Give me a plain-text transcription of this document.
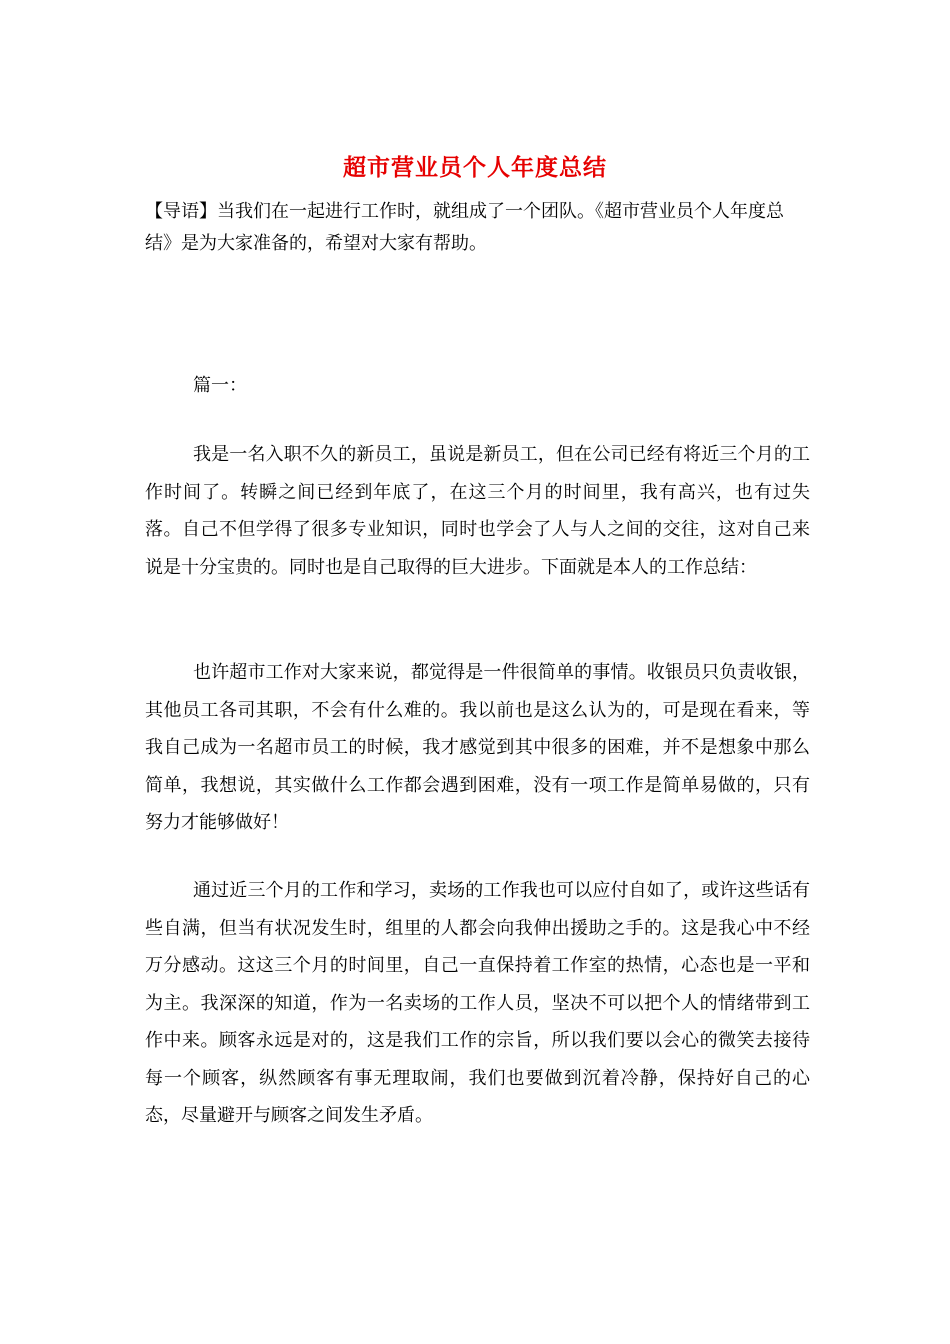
超市营业员个人年度总结

【导语】当我们在一起进行工作时，就组成了一个团队。《超市营业员个人年度总结》是为大家准备的，希望对大家有帮助。

篇一：

我是一名入职不久的新员工，虽说是新员工，但在公司已经有将近三个月的工作时间了。转瞬之间已经到年底了，在这三个月的时间里，我有高兴，也有过失落。自己不但学得了很多专业知识，同时也学会了人与人之间的交往，这对自己来说是十分宝贵的。同时也是自己取得的巨大进步。下面就是本人的工作总结：

也许超市工作对大家来说，都觉得是一件很简单的事情。收银员只负责收银，其他员工各司其职，不会有什么难的。我以前也是这么认为的，可是现在看来，等我自己成为一名超市员工的时候，我才感觉到其中很多的困难，并不是想象中那么简单，我想说，其实做什么工作都会遇到困难，没有一项工作是简单易做的，只有努力才能够做好！

通过近三个月的工作和学习，卖场的工作我也可以应付自如了，或许这些话有些自满，但当有状况发生时，组里的人都会向我伸出援助之手的。这是我心中不经万分感动。这这三个月的时间里，自己一直保持着工作室的热情，心态也是一平和为主。我深深的知道，作为一名卖场的工作人员，坚决不可以把个人的情绪带到工作中来。顾客永远是对的，这是我们工作的宗旨，所以我们要以会心的微笑去接待每一个顾客，纵然顾客有事无理取闹，我们也要做到沉着冷静，保持好自己的心态，尽量避开与顾客之间发生矛盾。
